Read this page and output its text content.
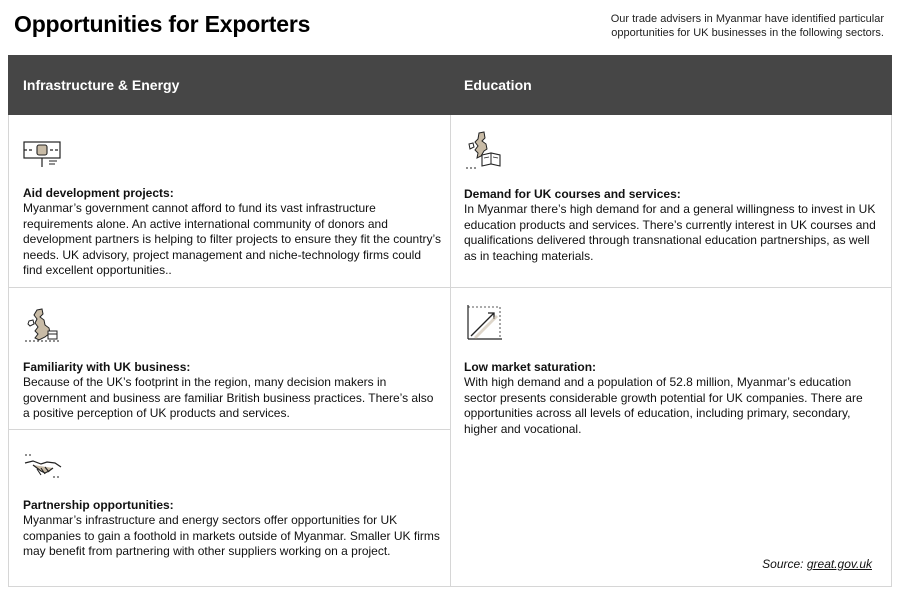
Opportunities for Exporters	Our trade advisers in Myanmar have identified particular opportunities for UK businesses in the following sectors.
Infrastructure & Energy	Education
Aid development projects:
Myanmar’s government cannot afford to fund its vast infrastructure requirements alone. An active international community of donors and development partners is helping to filter projects to ensure they fit the country’s needs. UK advisory, project management and niche-technology firms could find excellent opportunities..
Familiarity with UK business:
Because of the UK’s footprint in the region, many decision makers in government and business are familiar British business practices. There’s also a positive perception of UK products and services.
Partnership opportunities:
Myanmar’s infrastructure and energy sectors offer opportunities for UK companies to gain a foothold in markets outside of Myanmar. Smaller UK firms may benefit from partnering with other suppliers working on a project.
Demand for UK courses and services:
In Myanmar there’s high demand for and a general willingness to invest in UK education products and services. There’s currently interest in UK courses and qualifications delivered through transnational education partnerships, as well as in teaching materials.
Low market saturation:
With high demand and a population of 52.8 million, Myanmar’s education sector presents considerable growth potential for UK companies. There are opportunities across all levels of education, including primary, secondary, higher and vocational.
Source: great.gov.uk
